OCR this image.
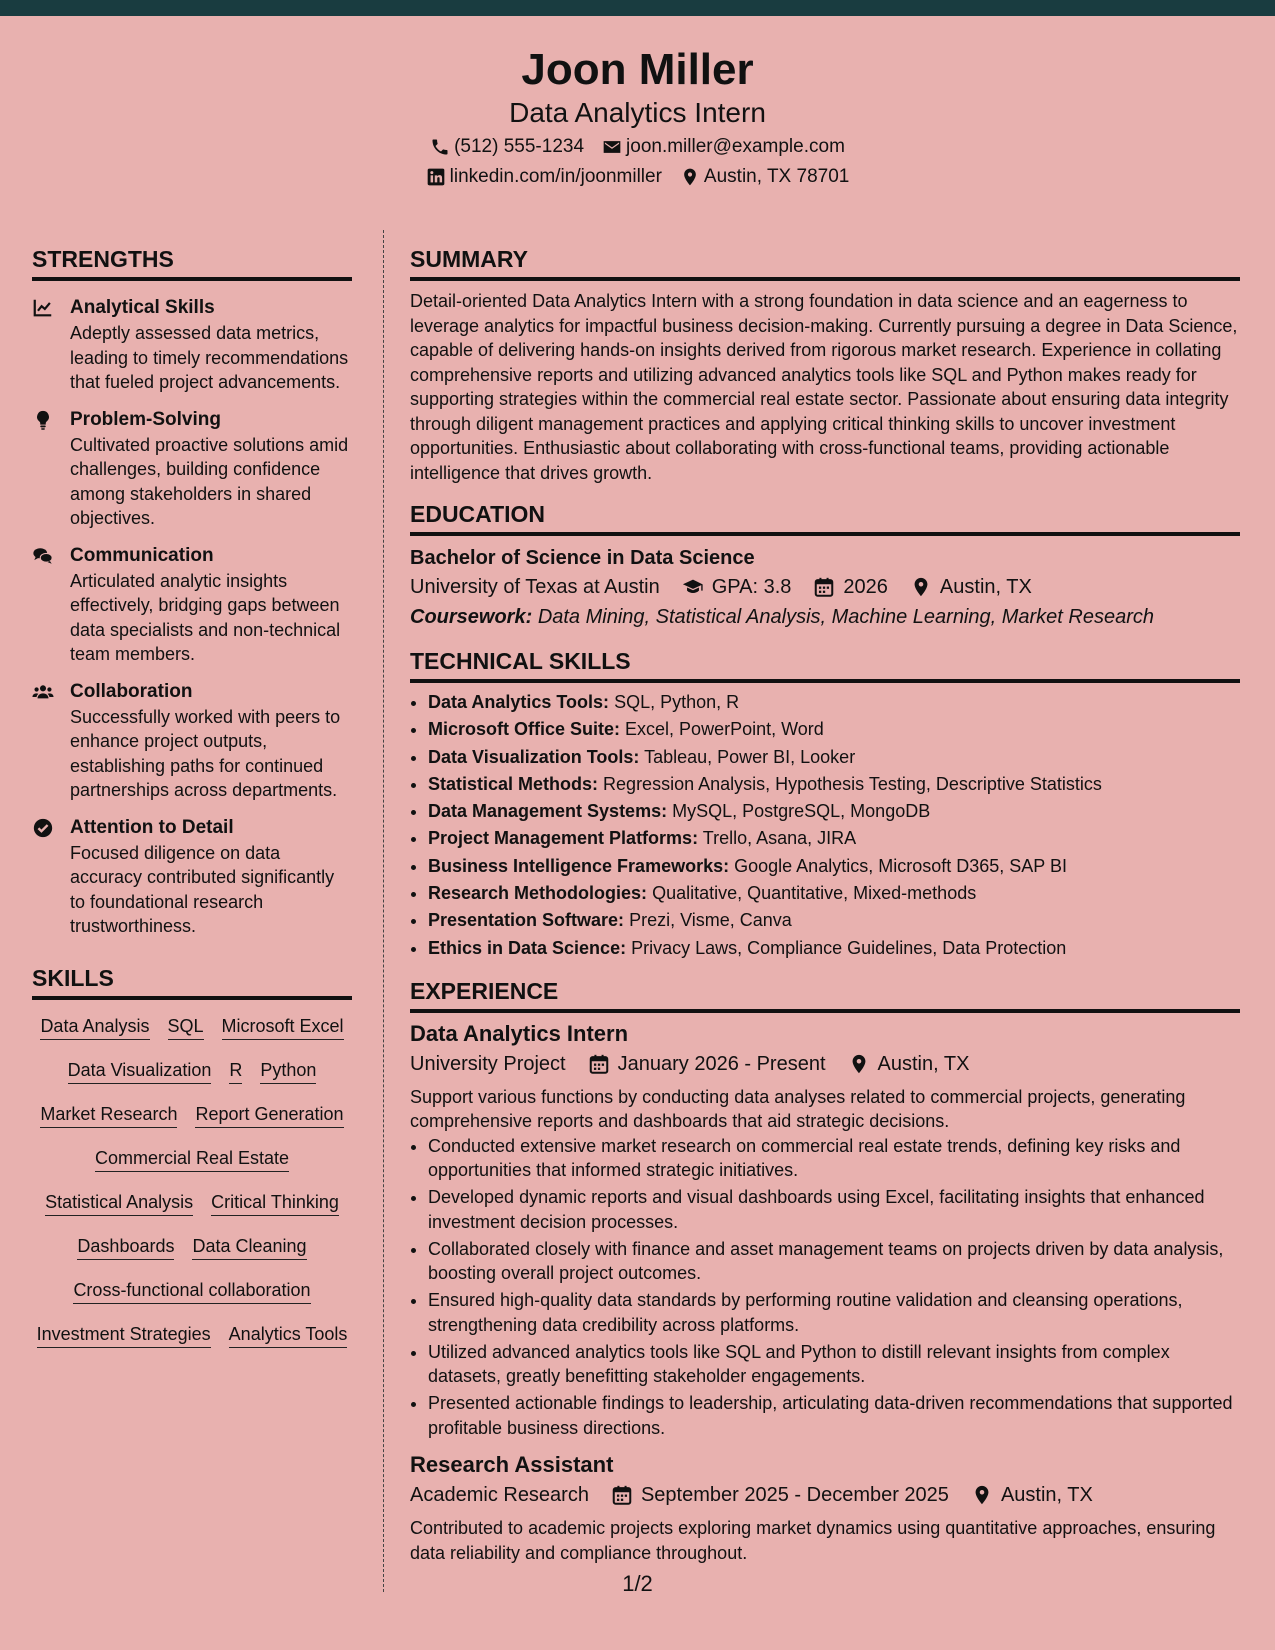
Joon Miller
Data Analytics Intern
(512) 555-1234 joon.miller@example.com
linkedin.com/in/joonmiller Austin, TX 78701
STRENGTHS
Analytical Skills
Adeptly assessed data metrics, leading to timely recommendations that fueled project advancements.
Problem-Solving
Cultivated proactive solutions amid challenges, building confidence among stakeholders in shared objectives.
Communication
Articulated analytic insights effectively, bridging gaps between data specialists and non-technical team members.
Collaboration
Successfully worked with peers to enhance project outputs, establishing paths for continued partnerships across departments.
Attention to Detail
Focused diligence on data accuracy contributed significantly to foundational research trustworthiness.
SKILLS
Data Analysis SQL Microsoft Excel
Data Visualization R Python
Market Research Report Generation
Commercial Real Estate
Statistical Analysis Critical Thinking
Dashboards Data Cleaning
Cross-functional collaboration
Investment Strategies Analytics Tools
SUMMARY
Detail-oriented Data Analytics Intern with a strong foundation in data science and an eagerness to leverage analytics for impactful business decision-making. Currently pursuing a degree in Data Science, capable of delivering hands-on insights derived from rigorous market research. Experience in collating comprehensive reports and utilizing advanced analytics tools like SQL and Python makes ready for supporting strategies within the commercial real estate sector. Passionate about ensuring data integrity through diligent management practices and applying critical thinking skills to uncover investment opportunities. Enthusiastic about collaborating with cross-functional teams, providing actionable intelligence that drives growth.
EDUCATION
Bachelor of Science in Data Science
University of Texas at Austin	GPA: 3.8	2026	Austin, TX
Coursework: Data Mining, Statistical Analysis, Machine Learning, Market Research
TECHNICAL SKILLS
• Data Analytics Tools: SQL, Python, R
• Microsoft Office Suite: Excel, PowerPoint, Word
• Data Visualization Tools: Tableau, Power BI, Looker
• Statistical Methods: Regression Analysis, Hypothesis Testing, Descriptive Statistics
• Data Management Systems: MySQL, PostgreSQL, MongoDB
• Project Management Platforms: Trello, Asana, JIRA
• Business Intelligence Frameworks: Google Analytics, Microsoft D365, SAP BI
• Research Methodologies: Qualitative, Quantitative, Mixed-methods
• Presentation Software: Prezi, Visme, Canva
• Ethics in Data Science: Privacy Laws, Compliance Guidelines, Data Protection
EXPERIENCE
Data Analytics Intern
University Project	January 2026 - Present	Austin, TX
Support various functions by conducting data analyses related to commercial projects, generating comprehensive reports and dashboards that aid strategic decisions.
• Conducted extensive market research on commercial real estate trends, defining key risks and opportunities that informed strategic initiatives.
• Developed dynamic reports and visual dashboards using Excel, facilitating insights that enhanced investment decision processes.
• Collaborated closely with finance and asset management teams on projects driven by data analysis, boosting overall project outcomes.
• Ensured high-quality data standards by performing routine validation and cleansing operations, strengthening data credibility across platforms.
• Utilized advanced analytics tools like SQL and Python to distill relevant insights from complex datasets, greatly benefitting stakeholder engagements.
• Presented actionable findings to leadership, articulating data-driven recommendations that supported profitable business directions.
Research Assistant
Academic Research	September 2025 - December 2025	Austin, TX
Contributed to academic projects exploring market dynamics using quantitative approaches, ensuring data reliability and compliance throughout.
1/2
